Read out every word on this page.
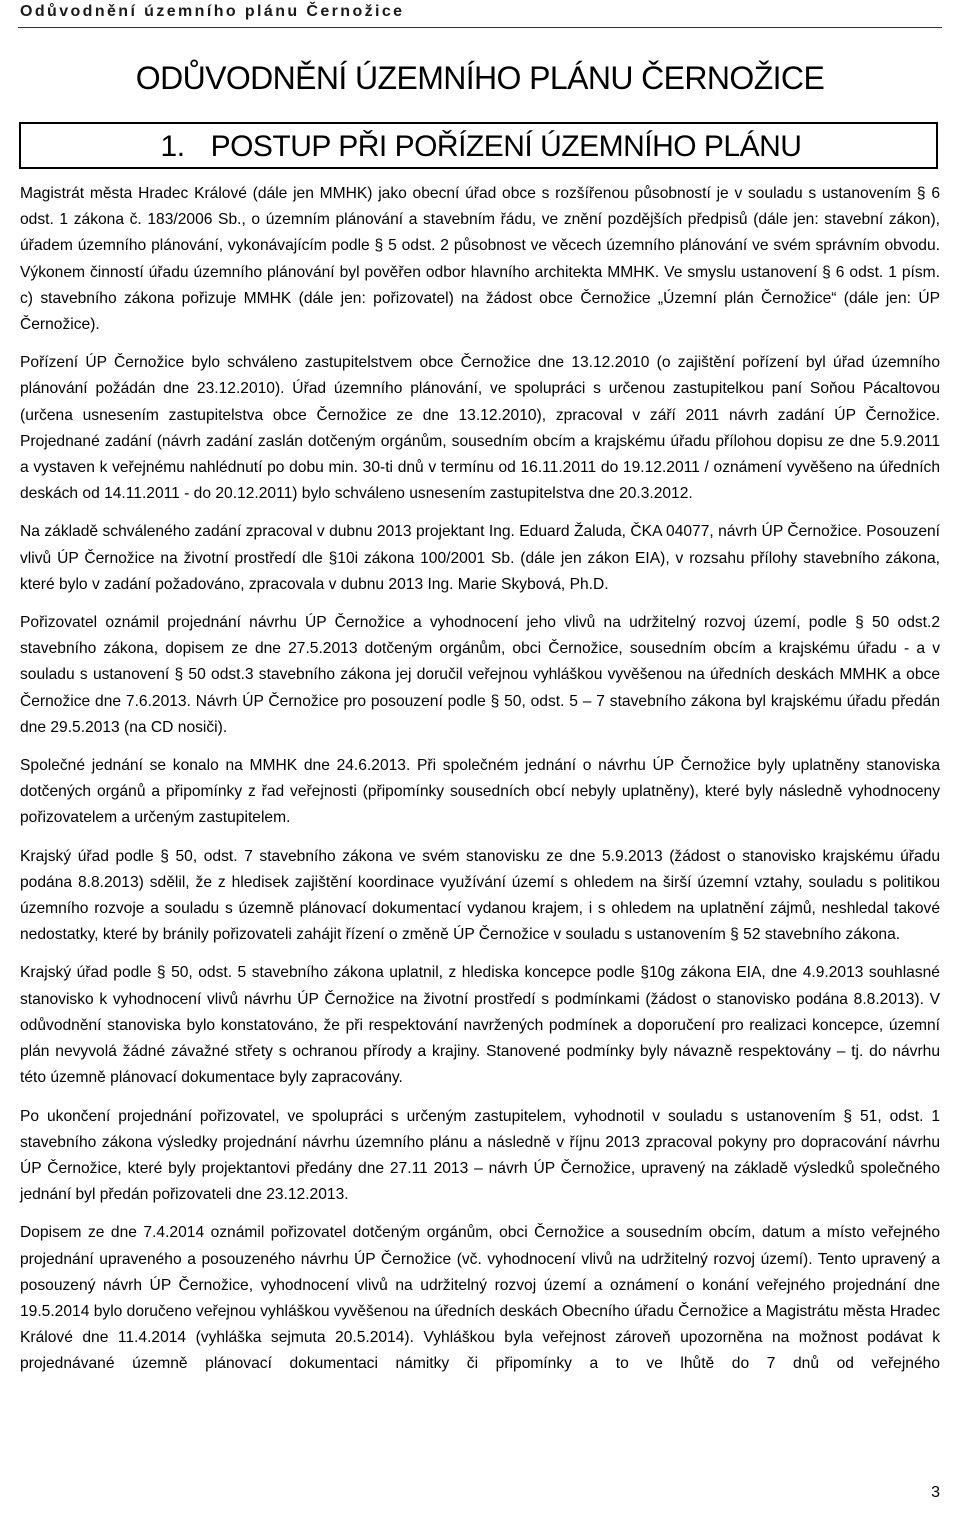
Odůvodnění územního plánu Černožice
ODŮVODNĚNÍ ÚZEMNÍHO PLÁNU ČERNOŽICE
1. POSTUP PŘI POŘÍZENÍ ÚZEMNÍHO PLÁNU

Magistrát města Hradec Králové (dále jen MMHK) jako obecní úřad obce s rozšířenou působností je v souladu s ustanovením § 6 odst. 1 zákona č. 183/2006 Sb., o územním plánování a stavebním řádu, ve znění pozdějších předpisů (dále jen: stavební zákon), úřadem územního plánování, vykonávajícím podle § 5 odst. 2 působnost ve věcech územního plánování ve svém správním obvodu. Výkonem činností úřadu územního plánování byl pověřen odbor hlavního architekta MMHK. Ve smyslu ustanovení § 6 odst. 1 písm. c) stavebního zákona pořizuje MMHK (dále jen: pořizovatel) na žádost obce Černožice „Územní plán Černožice“ (dále jen: ÚP Černožice).

Pořízení ÚP Černožice bylo schváleno zastupitelstvem obce Černožice dne 13.12.2010 (o zajištění pořízení byl úřad územního plánování požádán dne 23.12.2010). Úřad územního plánování, ve spolupráci s určenou zastupitelkou paní Soňou Pácaltovou (určena usnesením zastupitelstva obce Černožice ze dne 13.12.2010), zpracoval v září 2011 návrh zadání ÚP Černožice. Projednané zadání (návrh zadání zaslán dotčeným orgánům, sousedním obcím a krajskému úřadu přílohou dopisu ze dne 5.9.2011 a vystaven k veřejnému nahlédnutí po dobu min. 30-ti dnů v termínu od 16.11.2011 do 19.12.2011 / oznámení vyvěšeno na úředních deskách od 14.11.2011 - do 20.12.2011) bylo schváleno usnesením zastupitelstva dne 20.3.2012.

Na základě schváleného zadání zpracoval v dubnu 2013 projektant Ing. Eduard Žaluda, ČKA 04077, návrh ÚP Černožice. Posouzení vlivů ÚP Černožice na životní prostředí dle §10i zákona 100/2001 Sb. (dále jen zákon EIA), v rozsahu přílohy stavebního zákona, které bylo v zadání požadováno, zpracovala v dubnu 2013 Ing. Marie Skybová, Ph.D.

Pořizovatel oznámil projednání návrhu ÚP Černožice a vyhodnocení jeho vlivů na udržitelný rozvoj území, podle § 50 odst.2 stavebního zákona, dopisem ze dne 27.5.2013 dotčeným orgánům, obci Černožice, sousedním obcím a krajskému úřadu - a v souladu s ustanovení § 50 odst.3 stavebního zákona jej doručil veřejnou vyhláškou vyvěšenou na úředních deskách MMHK a obce Černožice dne 7.6.2013. Návrh ÚP Černožice pro posouzení podle § 50, odst. 5 – 7 stavebního zákona byl krajskému úřadu předán dne 29.5.2013 (na CD nosiči).

Společné jednání se konalo na MMHK dne 24.6.2013. Při společném jednání o návrhu ÚP Černožice byly uplatněny stanoviska dotčených orgánů a připomínky z řad veřejnosti (připomínky sousedních obcí nebyly uplatněny), které byly následně vyhodnoceny pořizovatelem a určeným zastupitelem.

Krajský úřad podle § 50, odst. 7 stavebního zákona ve svém stanovisku ze dne 5.9.2013 (žádost o stanovisko krajskému úřadu podána 8.8.2013) sdělil, že z hledisek zajištění koordinace využívání území s ohledem na širší územní vztahy, souladu s politikou územního rozvoje a souladu s územně plánovací dokumentací vydanou krajem, i s ohledem na uplatnění zájmů, neshledal takové nedostatky, které by bránily pořizovateli zahájit řízení o změně ÚP Černožice v souladu s ustanovením § 52 stavebního zákona.

Krajský úřad podle § 50, odst. 5 stavebního zákona uplatnil, z hlediska koncepce podle §10g zákona EIA, dne 4.9.2013 souhlasné stanovisko k vyhodnocení vlivů návrhu ÚP Černožice na životní prostředí s podmínkami (žádost o stanovisko podána 8.8.2013). V odůvodnění stanoviska bylo konstatováno, že při respektování navržených podmínek a doporučení pro realizaci koncepce, územní plán nevyvolá žádné závažné střety s ochranou přírody a krajiny. Stanovené podmínky byly návazně respektovány – tj. do návrhu této územně plánovací dokumentace byly zapracovány.

Po ukončení projednání pořizovatel, ve spolupráci s určeným zastupitelem, vyhodnotil v souladu s ustanovením § 51, odst. 1 stavebního zákona výsledky projednání návrhu územního plánu a následně v říjnu 2013 zpracoval pokyny pro dopracování návrhu ÚP Černožice, které byly projektantovi předány dne 27.11 2013 – návrh ÚP Černožice, upravený na základě výsledků společného jednání byl předán pořizovateli dne 23.12.2013.

Dopisem ze dne 7.4.2014 oznámil pořizovatel dotčeným orgánům, obci Černožice a sousedním obcím, datum a místo veřejného projednání upraveného a posouzeného návrhu ÚP Černožice (vč. vyhodnocení vlivů na udržitelný rozvoj území). Tento upravený a posouzený návrh ÚP Černožice, vyhodnocení vlivů na udržitelný rozvoj území a oznámení o konání veřejného projednání dne 19.5.2014 bylo doručeno veřejnou vyhláškou vyvěšenou na úředních deskách Obecního úřadu Černožice a Magistrátu města Hradec Králové dne 11.4.2014 (vyhláška sejmuta 20.5.2014). Vyhláškou byla veřejnost zároveň upozorněna na možnost podávat k projednávané územně plánovací dokumentaci námitky či připomínky a to ve lhůtě do 7 dnů od veřejného

3
